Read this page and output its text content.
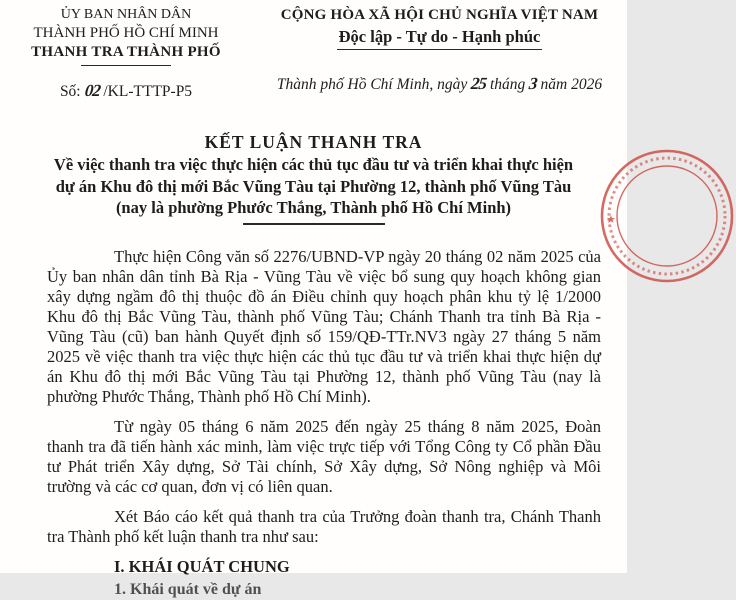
ỦY BAN NHÂN DÂN
THÀNH PHỐ HỒ CHÍ MINH
THANH TRA THÀNH PHỐ
Số: 02 /KL-TTTP-P5
CỘNG HÒA XÃ HỘI CHỦ NGHĨA VIỆT NAM
Độc lập - Tự do - Hạnh phúc
Thành phố Hồ Chí Minh, ngày 25 tháng 3 năm 2026
KẾT LUẬN THANH TRA
Về việc thanh tra việc thực hiện các thủ tục đầu tư và triển khai thực hiện
dự án Khu đô thị mới Bắc Vũng Tàu tại Phường 12, thành phố Vũng Tàu
(nay là phường Phước Thắng, Thành phố Hồ Chí Minh)

Thực hiện Công văn số 2276/UBND-VP ngày 20 tháng 02 năm 2025 của Ủy ban nhân dân tỉnh Bà Rịa - Vũng Tàu về việc bổ sung quy hoạch không gian xây dựng ngầm đô thị thuộc đồ án Điều chỉnh quy hoạch phân khu tỷ lệ 1/2000 Khu đô thị Bắc Vũng Tàu, thành phố Vũng Tàu; Chánh Thanh tra tỉnh Bà Rịa - Vũng Tàu (cũ) ban hành Quyết định số 159/QĐ-TTr.NV3 ngày 27 tháng 5 năm 2025 về việc thanh tra việc thực hiện các thủ tục đầu tư và triển khai thực hiện dự án Khu đô thị mới Bắc Vũng Tàu tại Phường 12, thành phố Vũng Tàu (nay là phường Phước Thắng, Thành phố Hồ Chí Minh).

Từ ngày 05 tháng 6 năm 2025 đến ngày 25 tháng 8 năm 2025, Đoàn thanh tra đã tiến hành xác minh, làm việc trực tiếp với Tổng Công ty Cổ phần Đầu tư Phát triển Xây dựng, Sở Tài chính, Sở Xây dựng, Sở Nông nghiệp và Môi trường và các cơ quan, đơn vị có liên quan.

Xét Báo cáo kết quả thanh tra của Trưởng đoàn thanh tra, Chánh Thanh tra Thành phố kết luận thanh tra như sau:

I. KHÁI QUÁT CHUNG
1. Khái quát về dự án
★
